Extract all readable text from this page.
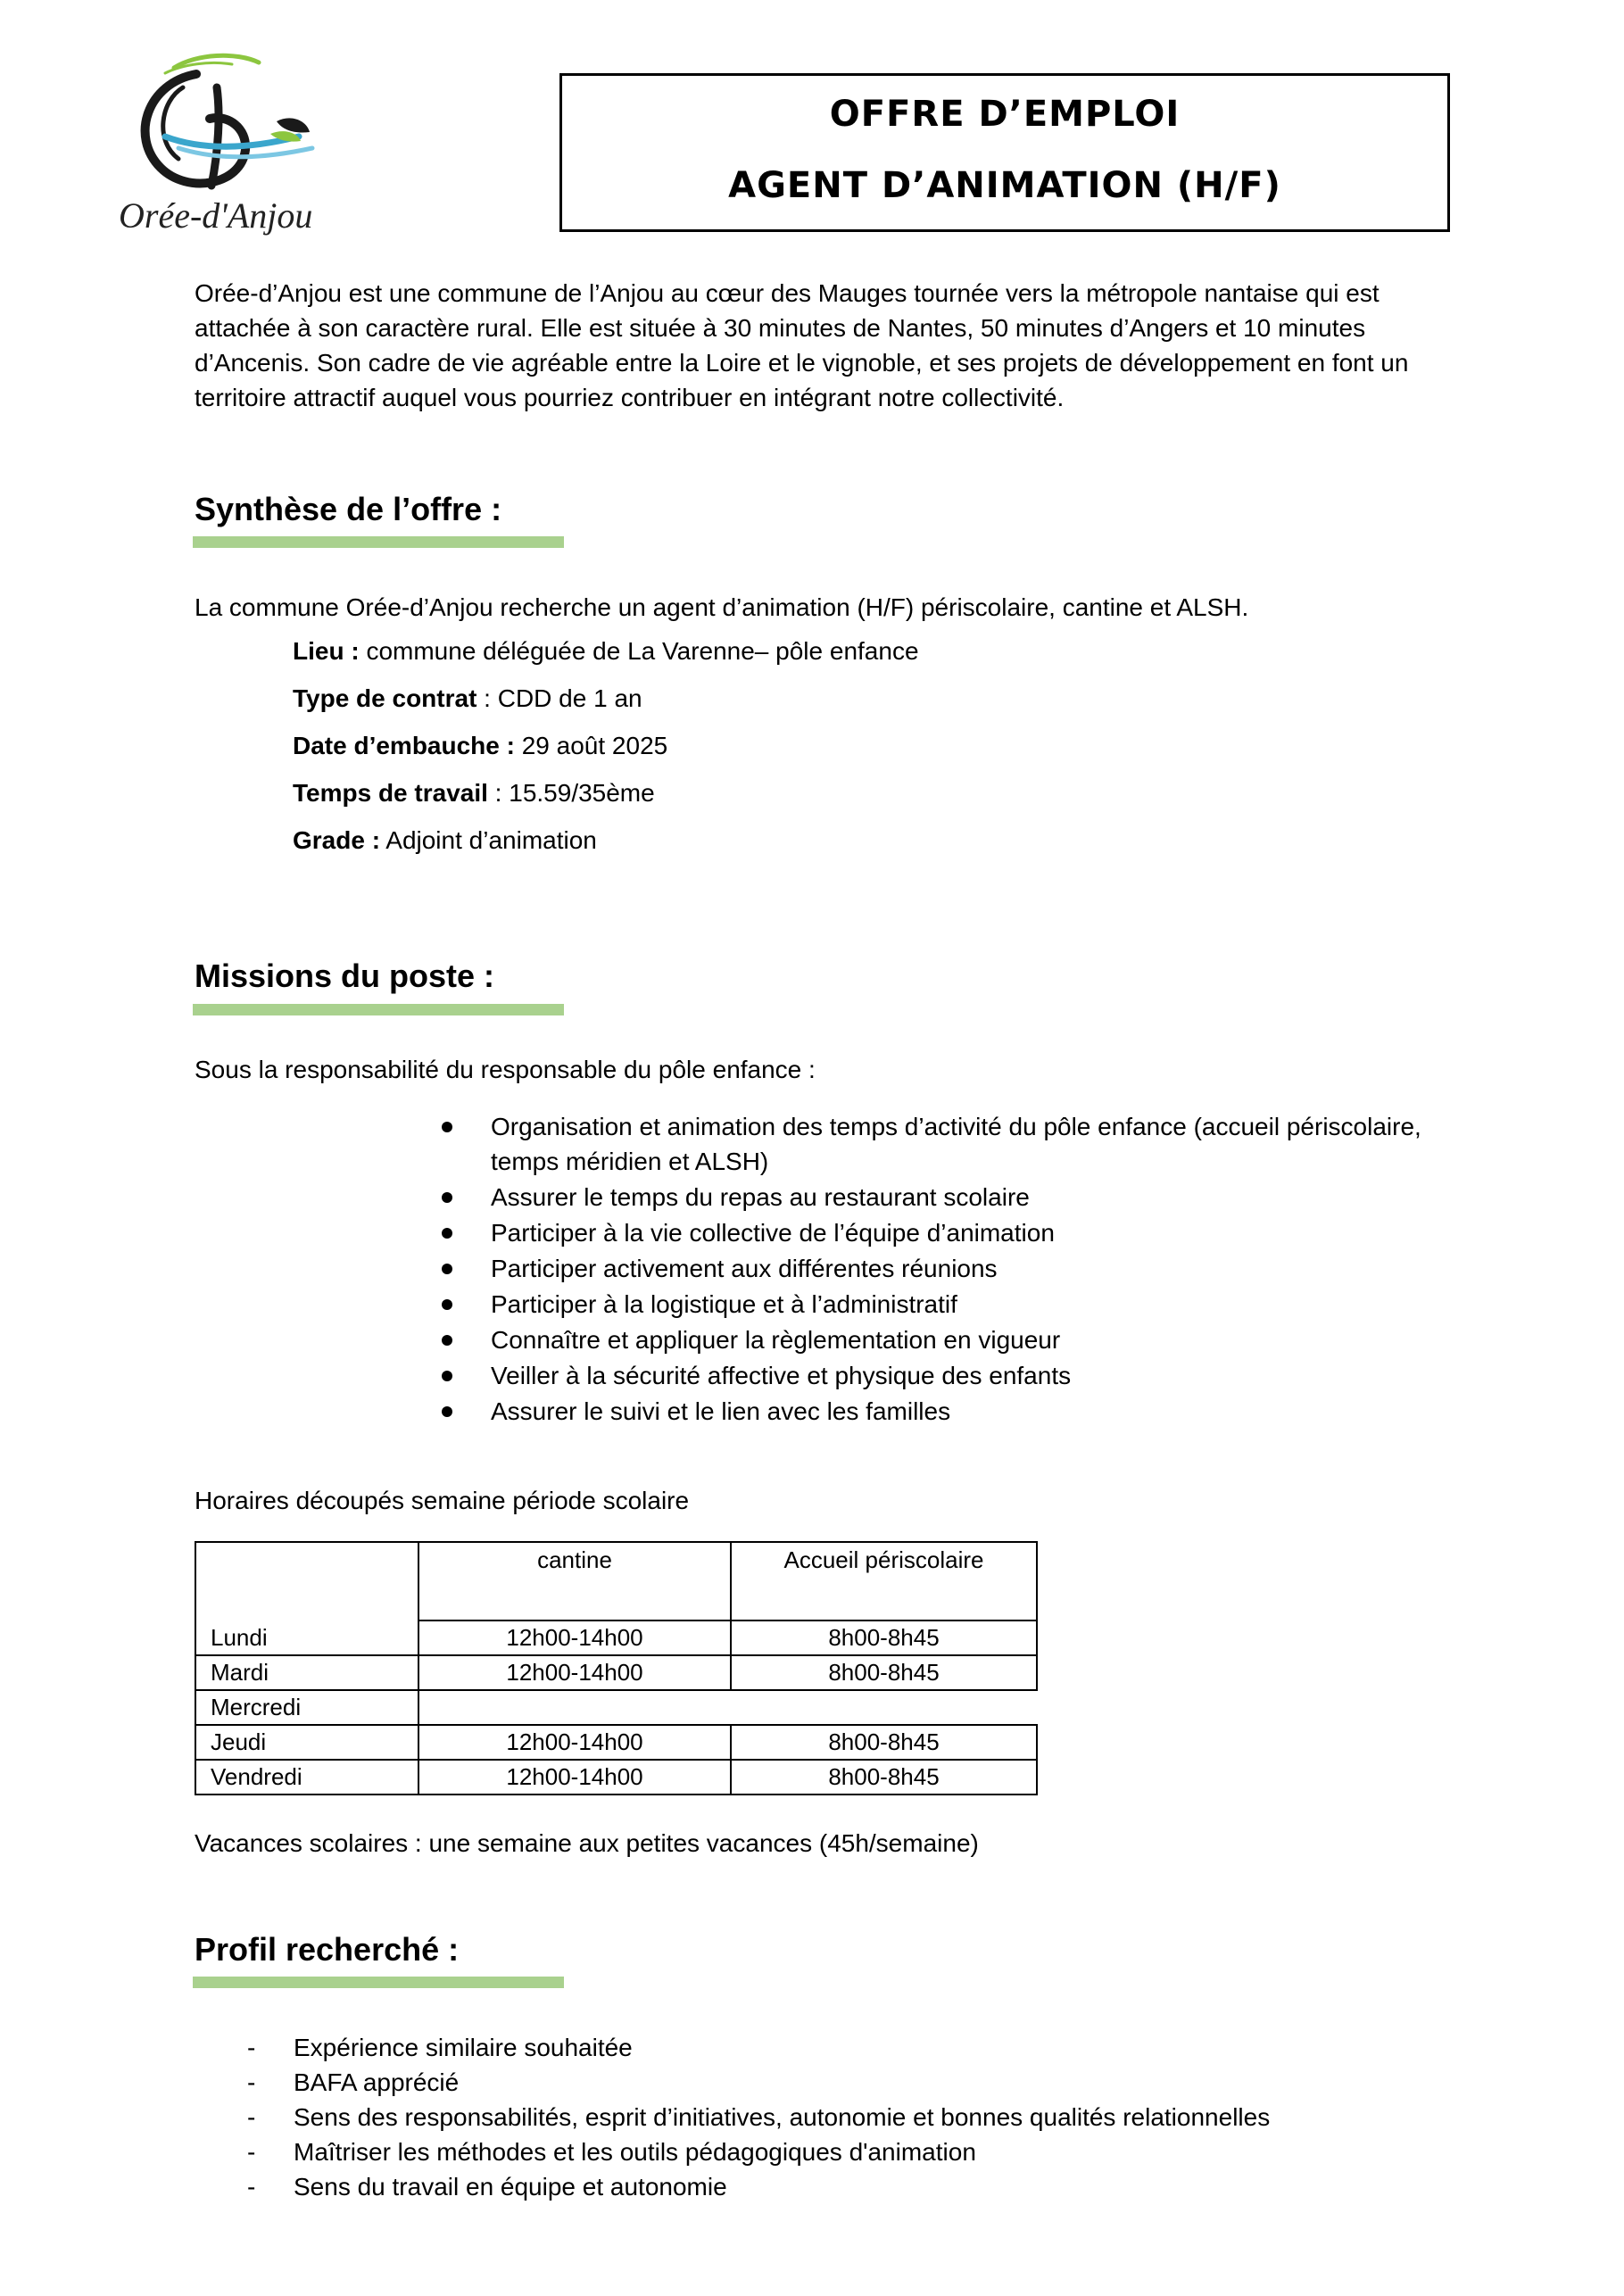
Orée-d'Anjou
OFFRE D’EMPLOI
AGENT D’ANIMATION (H/F)
Orée-d’Anjou est une commune de l’Anjou au cœur des Mauges tournée vers la métropole nantaise qui est
attachée à son caractère rural. Elle est située à 30 minutes de Nantes, 50 minutes d’Angers et 10 minutes
d’Ancenis. Son cadre de vie agréable entre la Loire et le vignoble, et ses projets de développement en font un
territoire attractif auquel vous pourriez contribuer en intégrant notre collectivité.
Synthèse de l’offre :
La commune Orée-d’Anjou recherche un agent d’animation (H/F) périscolaire, cantine et ALSH.
Lieu : commune déléguée de La Varenne– pôle enfance
Type de contrat : CDD de 1 an
Date d’embauche : 29 août 2025
Temps de travail : 15.59/35ème
Grade : Adjoint d’animation
Missions du poste :
Sous la responsabilité du responsable du pôle enfance :
Organisation et animation des temps d’activité du pôle enfance (accueil périscolaire,
temps méridien et ALSH)
Assurer le temps du repas au restaurant scolaire
Participer à la vie collective de l’équipe d’animation
Participer activement aux différentes réunions
Participer à la logistique et à l’administratif
Connaître et appliquer la règlementation en vigueur
Veiller à la sécurité affective et physique des enfants
Assurer le suivi et le lien avec les familles
Horaires découpés semaine période scolaire
	cantine	Accueil périscolaire
Lundi	12h00-14h00	8h00-8h45
Mardi	12h00-14h00	8h00-8h45
Mercredi		
Jeudi	12h00-14h00	8h00-8h45
Vendredi	12h00-14h00	8h00-8h45
Vacances scolaires : une semaine aux petites vacances (45h/semaine)
Profil recherché :
- Expérience similaire souhaitée
- BAFA apprécié
- Sens des responsabilités, esprit d’initiatives, autonomie et bonnes qualités relationnelles
- Maîtriser les méthodes et les outils pédagogiques d'animation
- Sens du travail en équipe et autonomie
